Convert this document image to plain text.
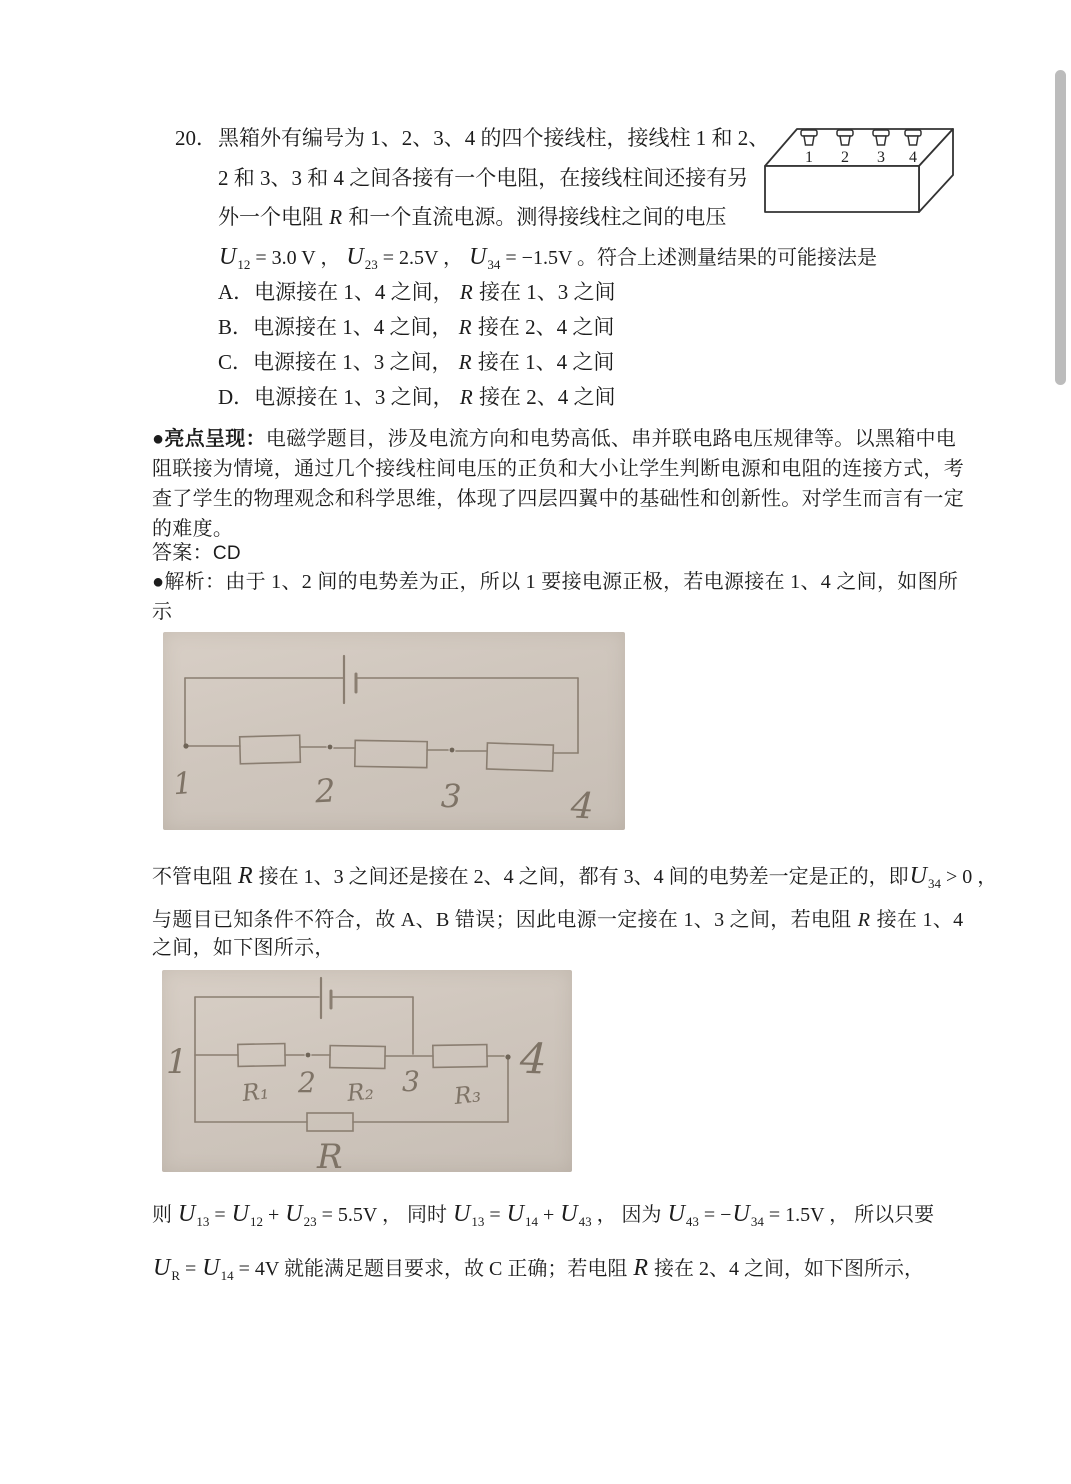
20． 黑箱外有编号为 1、2、3、4 的四个接线柱，接线柱 1 和 2、
2 和 3、3 和 4 之间各接有一个电阻，在接线柱间还接有另
外一个电阻 R 和一个直流电源。测得接线柱之间的电压
$U_{12} = 3.0$ V ， $U_{23} = 2.5V$ ， $U_{34} = -1.5V$ 。符合上述测量结果的可能接法是
A．电源接在 1、4 之间， R 接在 1、3 之间
B．电源接在 1、4 之间， R 接在 2、4 之间
C．电源接在 1、3 之间， R 接在 1、4 之间
D．电源接在 1、3 之间， R 接在 2、4 之间
1 2 3 4
●亮点呈现：电磁学题目，涉及电流方向和电势高低、串并联电路电压规律等。以黑箱中电
阻联接为情境，通过几个接线柱间电压的正负和大小让学生判断电源和电阻的连接方式，考
查了学生的物理观念和科学思维，体现了四层四翼中的基础性和创新性。对学生而言有一定
的难度。
答案：CD
●解析：由于 1、2 间的电势差为正，所以 1 要接电源正极，若电源接在 1、4 之间，如图所
示
1	2	3	4
不管电阻 R 接在 1、3 之间还是接在 2、4 之间，都有 3、4 间的电势差一定是正的，即$U_{34} > 0$ ，
与题目已知条件不符合，故 A、B 错误；因此电源一定接在 1、3 之间，若电阻 R 接在 1、4
之间，如下图所示，
1	4
R₁ 2 R₂ 3 R₃
R
则 $U_{13} = U_{12} + U_{23} = 5.5V$ ， 同时 $U_{13} = U_{14} + U_{43}$ ， 因为 $U_{43} = -U_{34} = 1.5V$ ， 所以只要
$U_R = U_{14} = 4V$ 就能满足题目要求，故 C 正确；若电阻 R 接在 2、4 之间，如下图所示，
